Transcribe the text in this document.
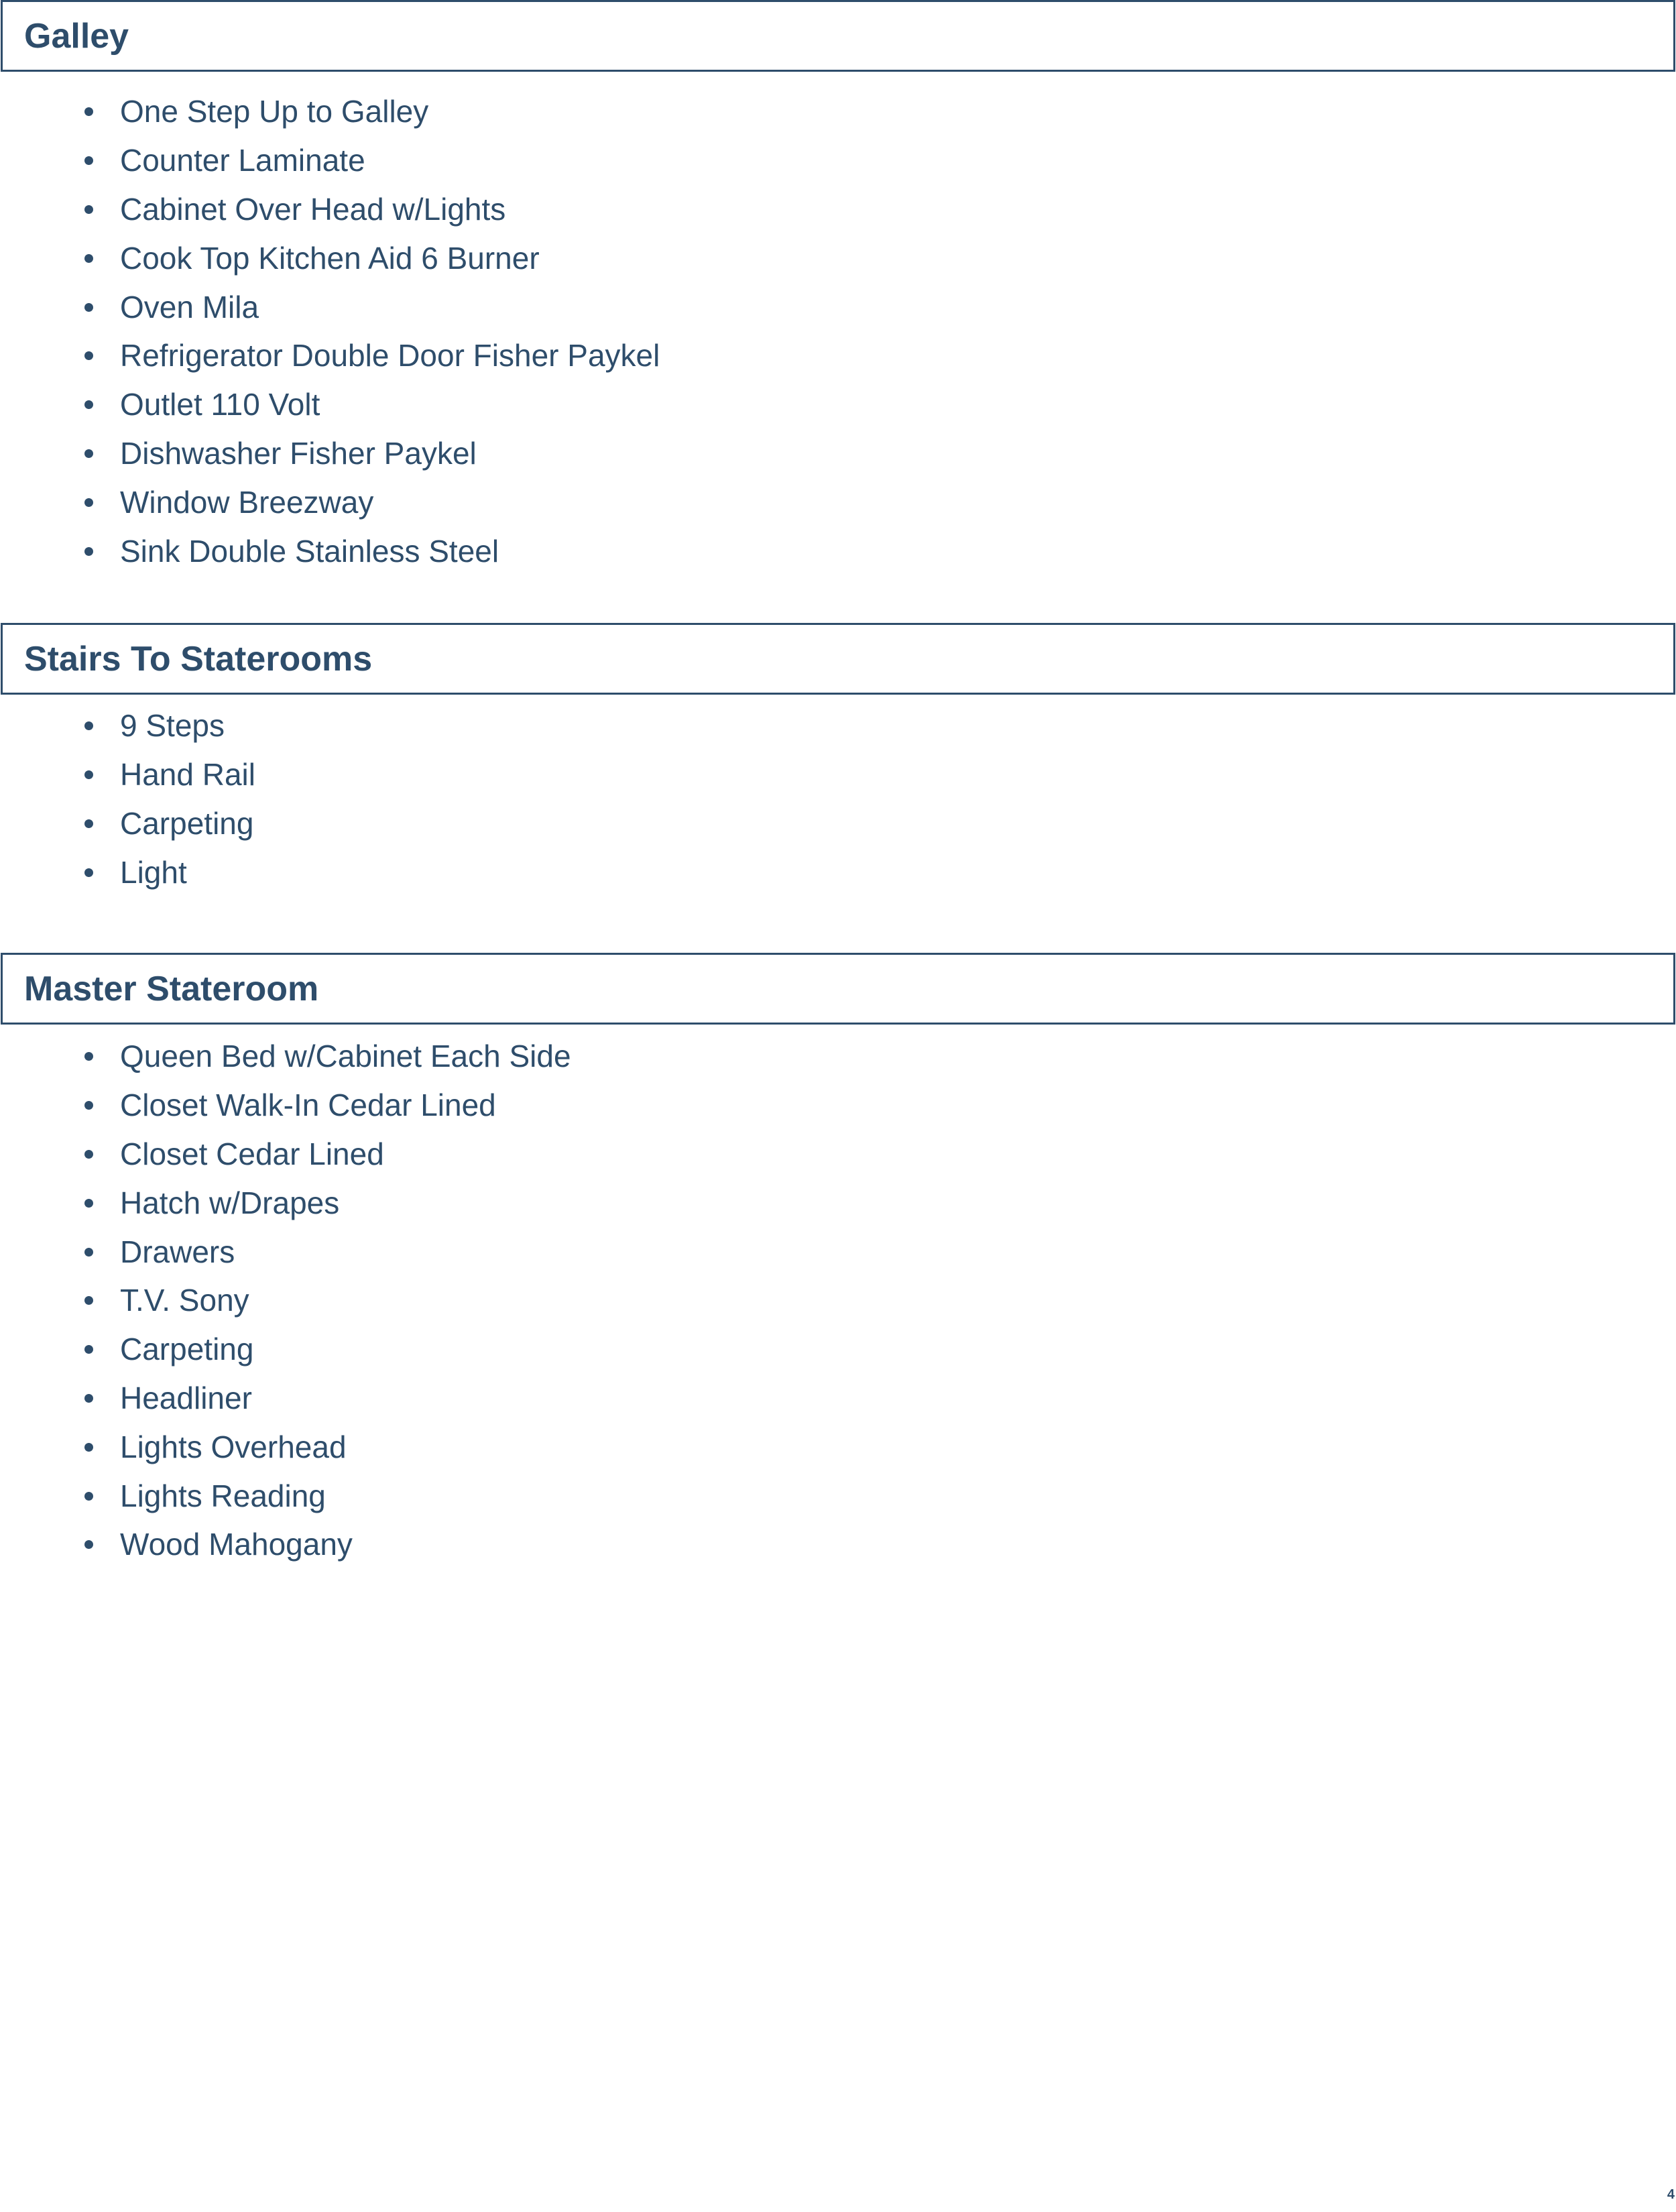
Galley
One Step Up to Galley
Counter Laminate
Cabinet Over Head w/Lights
Cook Top Kitchen Aid 6 Burner
Oven Mila
Refrigerator Double Door Fisher Paykel
Outlet 110 Volt
Dishwasher Fisher Paykel
Window Breezway
Sink Double Stainless Steel
Stairs To Staterooms
9 Steps
Hand Rail
Carpeting
Light
Master Stateroom
Queen Bed w/Cabinet Each Side
Closet Walk-In Cedar Lined
Closet Cedar Lined
Hatch w/Drapes
Drawers
T.V. Sony
Carpeting
Headliner
Lights Overhead
Lights Reading
Wood Mahogany
4
